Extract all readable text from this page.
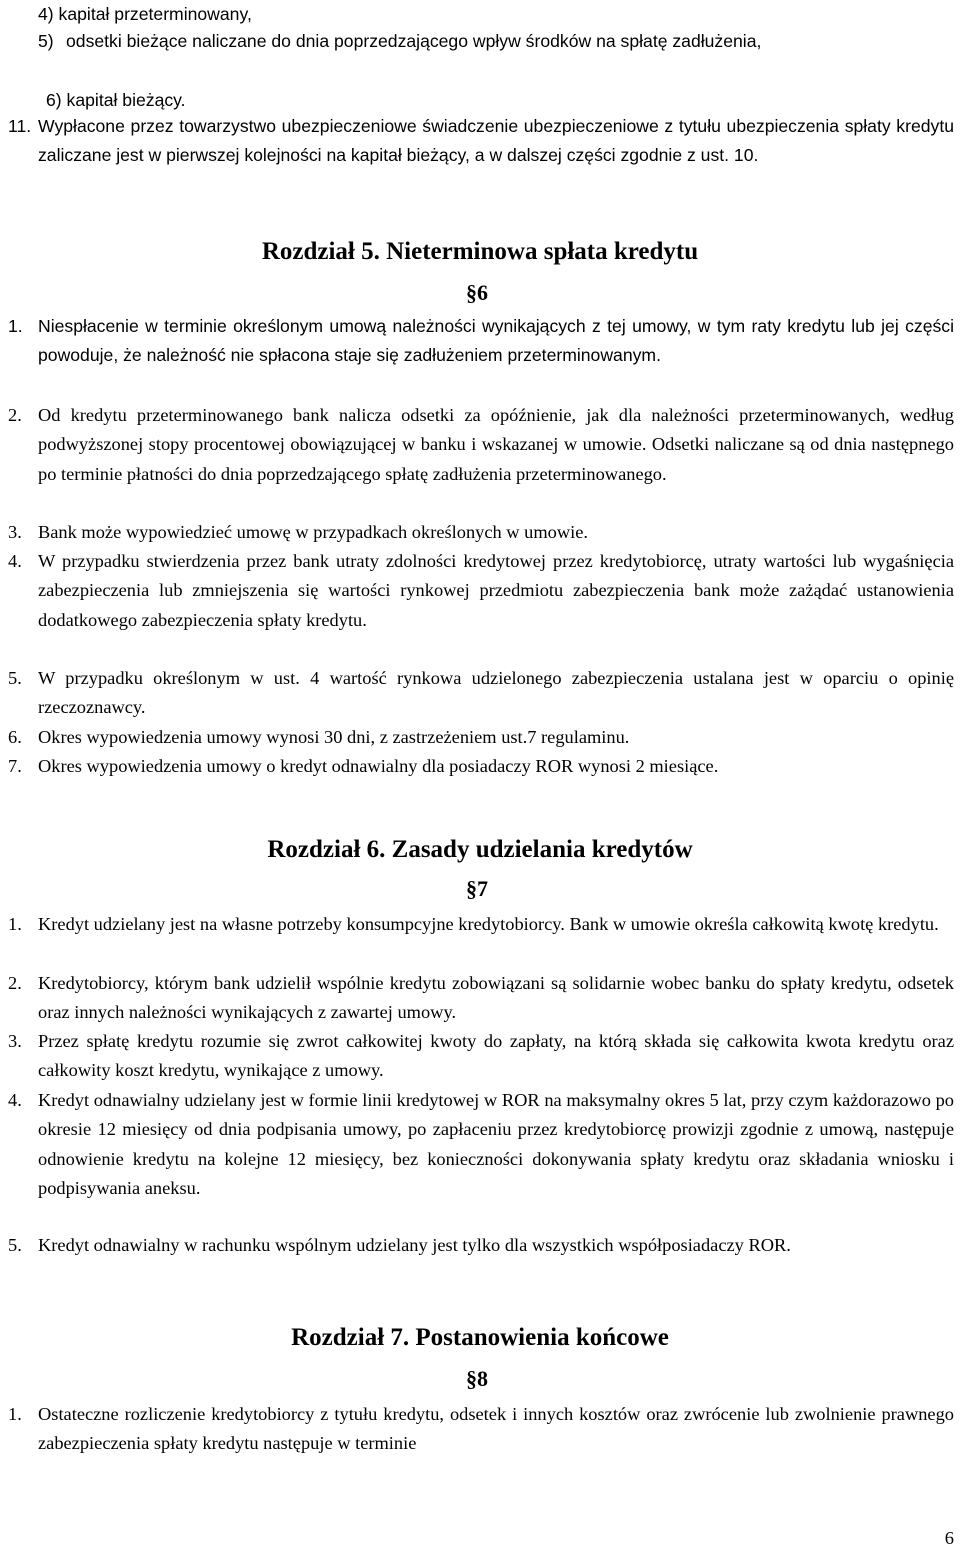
4) kapitał przeterminowany,
5) odsetki bieżące naliczane do dnia poprzedzającego wpływ środków na spłatę zadłużenia,
6) kapitał bieżący.
11. Wypłacone przez towarzystwo ubezpieczeniowe świadczenie ubezpieczeniowe z tytułu ubezpieczenia spłaty kredytu zaliczane jest w pierwszej kolejności na kapitał bieżący, a w dalszej części zgodnie z ust. 10.
Rozdział 5. Nieterminowa spłata kredytu
§6
1. Niespłacenie w terminie określonym umową należności wynikających z tej umowy, w tym raty kredytu lub jej części powoduje, że należność nie spłacona staje się zadłużeniem przeterminowanym.
2. Od kredytu przeterminowanego bank nalicza odsetki za opóźnienie, jak dla należności przeterminowanych, według podwyższonej stopy procentowej obowiązującej w banku i wskazanej w umowie. Odsetki naliczane są od dnia następnego po terminie płatności do dnia poprzedzającego spłatę zadłużenia przeterminowanego.
3. Bank może wypowiedzieć umowę w przypadkach określonych w umowie.
4. W przypadku stwierdzenia przez bank utraty zdolności kredytowej przez kredytobiorcę, utraty wartości lub wygaśnięcia zabezpieczenia lub zmniejszenia się wartości rynkowej przedmiotu zabezpieczenia bank może zażądać ustanowienia dodatkowego zabezpieczenia spłaty kredytu.
5. W przypadku określonym w ust. 4 wartość rynkowa udzielonego zabezpieczenia ustalana jest w oparciu o opinię rzeczoznawcy.
6. Okres wypowiedzenia umowy wynosi 30 dni, z zastrzeżeniem ust.7 regulaminu.
7. Okres wypowiedzenia umowy o kredyt odnawialny dla posiadaczy ROR wynosi 2 miesiące.
Rozdział 6. Zasady udzielania kredytów
§7
1. Kredyt udzielany jest na własne potrzeby konsumpcyjne kredytobiorcy. Bank w umowie określa całkowitą kwotę kredytu.
2. Kredytobiorcy, którym bank udzielił wspólnie kredytu zobowiązani są solidarnie wobec banku do spłaty kredytu, odsetek oraz innych należności wynikających z zawartej umowy.
3. Przez spłatę kredytu rozumie się zwrot całkowitej kwoty do zapłaty, na którą składa się całkowita kwota kredytu oraz całkowity koszt kredytu, wynikające z umowy.
4. Kredyt odnawialny udzielany jest w formie linii kredytowej w ROR na maksymalny okres 5 lat, przy czym każdorazowo po okresie 12 miesięcy od dnia podpisania umowy, po zapłaceniu przez kredytobiorcę prowizji zgodnie z umową, następuje odnowienie kredytu na kolejne 12 miesięcy, bez konieczności dokonywania spłaty kredytu oraz składania wniosku i podpisywania aneksu.
5. Kredyt odnawialny w rachunku wspólnym udzielany jest tylko dla wszystkich współposiadaczy ROR.
Rozdział 7. Postanowienia końcowe
§8
1. Ostateczne rozliczenie kredytobiorcy z tytułu kredytu, odsetek i innych kosztów oraz zwrócenie lub zwolnienie prawnego zabezpieczenia spłaty kredytu następuje w terminie
6
